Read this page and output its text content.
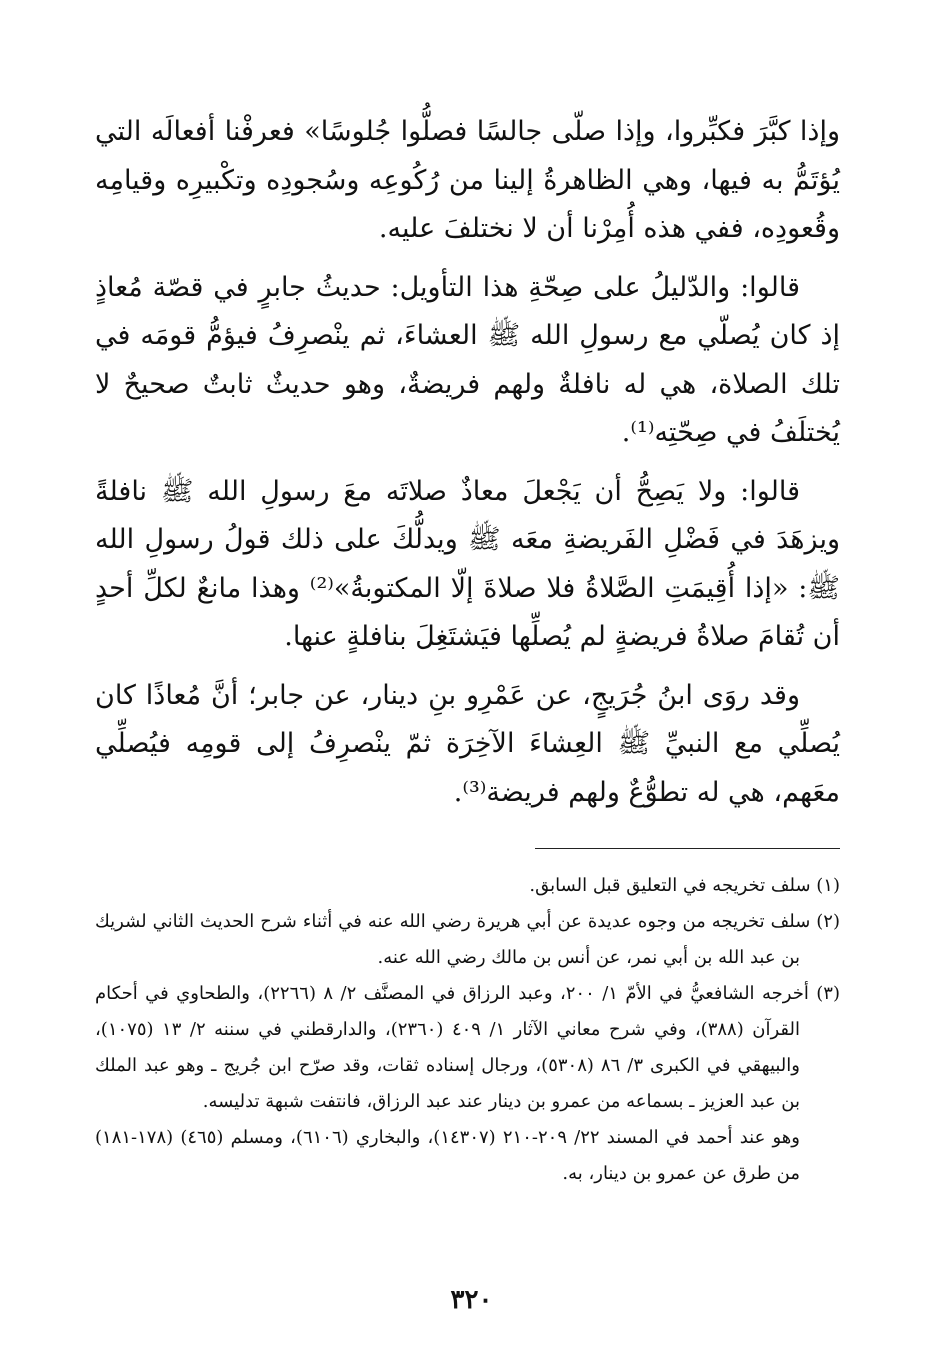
وإذا كبَّرَ فكبِّروا، وإذا صلّى جالسًا فصلُّوا جُلوسًا» فعرفْنا أفعالَه التي يُؤتَمُّ به فيها، وهي الظاهرةُ إلينا من رُكُوعِه وسُجودِه وتكْبيرِه وقيامِه وقُعودِه، ففي هذه أُمِرْنا أن لا نختلفَ عليه.

قالوا: والدّليلُ على صِحّةِ هذا التأويل: حديثُ جابرٍ في قصّة مُعاذٍ إذ كان يُصلّي مع رسولِ الله ﷺ العشاءَ، ثم ينْصرِفُ فيؤمُّ قومَه في تلك الصلاة، هي له نافلةٌ ولهم فريضةٌ، وهو حديثٌ ثابتٌ صحيحٌ لا يُختلَفُ في صِحّتِه⁽¹⁾.

قالوا: ولا يَصِحُّ أن يَجْعلَ معاذٌ صلاتَه معَ رسولِ الله ﷺ نافلةً ويزهَدَ في فَضْلِ الفَريضةِ معَه ﷺ ويدلُّكَ على ذلك قولُ رسولِ الله ﷺ: «إذا أُقِيمَتِ الصَّلاةُ فلا صلاةَ إلّا المكتوبةُ»⁽²⁾ وهذا مانعٌ لكلِّ أحدٍ أن تُقامَ صلاةُ فريضةٍ لم يُصلِّها فيَشتَغِلَ بنافلةٍ عنها.

وقد روَى ابنُ جُرَيجٍ، عن عَمْرِو بنِ دينار، عن جابر؛ أنَّ مُعاذًا كان يُصلِّي مع النبيِّ ﷺ العِشاءَ الآخِرَة ثمّ ينْصرِفُ إلى قومِه فيُصلِّي معَهم، هي له تطوُّعٌ ولهم فريضة⁽³⁾.

(١) سلف تخريجه في التعليق قبل السابق.

(٢) سلف تخريجه من وجوه عديدة عن أبي هريرة رضي الله عنه في أثناء شرح الحديث الثاني لشريك بن عبد الله بن أبي نمر، عن أنس بن مالك رضي الله عنه.

(٣) أخرجه الشافعيُّ في الأمّ ١/ ٢٠٠، وعبد الرزاق في المصنَّف ٢/ ٨ (٢٢٦٦)، والطحاوي في أحكام القرآن (٣٨٨)، وفي شرح معاني الآثار ١/ ٤٠٩ (٢٣٦٠)، والدارقطني في سننه ٢/ ١٣ (١٠٧٥)، والبيهقي في الكبرى ٣/ ٨٦ (٥٣٠٨)، ورجال إسناده ثقات، وقد صرّح ابن جُريج ـ وهو عبد الملك بن عبد العزيز ـ بسماعه من عمرو بن دينار عند عبد الرزاق، فانتفت شبهة تدليسه.

وهو عند أحمد في المسند ٢٢/ ٢٠٩-٢١٠ (١٤٣٠٧)، والبخاري (٦١٠٦)، ومسلم (٤٦٥) (١٧٨-١٨١) من طرق عن عمرو بن دينار، به.

٣٢٠
